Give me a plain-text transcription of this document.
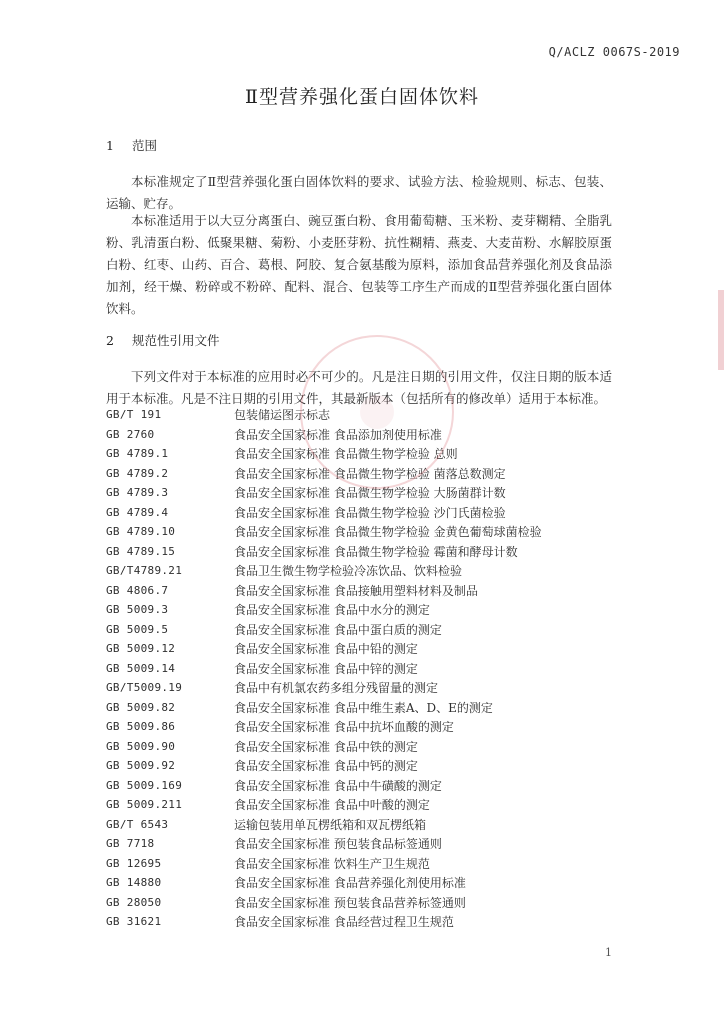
Q/ACLZ 0067S-2019
Ⅱ型营养强化蛋白固体饮料
1 范围
本标准规定了Ⅱ型营养强化蛋白固体饮料的要求、试验方法、检验规则、标志、包装、运输、贮存。
本标准适用于以大豆分离蛋白、豌豆蛋白粉、食用葡萄糖、玉米粉、麦芽糊精、全脂乳粉、乳清蛋白粉、低聚果糖、菊粉、小麦胚芽粉、抗性糊精、燕麦、大麦苗粉、水解胶原蛋白粉、红枣、山药、百合、葛根、阿胶、复合氨基酸为原料，添加食品营养强化剂及食品添加剂，经干燥、粉碎或不粉碎、配料、混合、包装等工序生产而成的Ⅱ型营养强化蛋白固体饮料。
2 规范性引用文件
下列文件对于本标准的应用时必不可少的。凡是注日期的引用文件，仅注日期的版本适用于本标准。凡是不注日期的引用文件，其最新版本（包括所有的修改单）适用于本标准。
GB/T 191	包装储运图示标志
GB 2760	食品安全国家标准 食品添加剂使用标准
GB 4789.1	食品安全国家标准 食品微生物学检验 总则
GB 4789.2	食品安全国家标准 食品微生物学检验 菌落总数测定
GB 4789.3	食品安全国家标准 食品微生物学检验 大肠菌群计数
GB 4789.4	食品安全国家标准 食品微生物学检验 沙门氏菌检验
GB 4789.10	食品安全国家标准 食品微生物学检验 金黄色葡萄球菌检验
GB 4789.15	食品安全国家标准 食品微生物学检验 霉菌和酵母计数
GB/T4789.21	食品卫生微生物学检验冷冻饮品、饮料检验
GB 4806.7	食品安全国家标准 食品接触用塑料材料及制品
GB 5009.3	食品安全国家标准 食品中水分的测定
GB 5009.5	食品安全国家标准 食品中蛋白质的测定
GB 5009.12	食品安全国家标准 食品中铅的测定
GB 5009.14	食品安全国家标准 食品中锌的测定
GB/T5009.19	食品中有机氯农药多组分残留量的测定
GB 5009.82	食品安全国家标准 食品中维生素A、D、E的测定
GB 5009.86	食品安全国家标准 食品中抗坏血酸的测定
GB 5009.90	食品安全国家标准 食品中铁的测定
GB 5009.92	食品安全国家标准 食品中钙的测定
GB 5009.169	食品安全国家标准 食品中牛磺酸的测定
GB 5009.211	食品安全国家标准 食品中叶酸的测定
GB/T 6543	运输包装用单瓦楞纸箱和双瓦楞纸箱
GB 7718	食品安全国家标准 预包装食品标签通则
GB 12695	食品安全国家标准 饮料生产卫生规范
GB 14880	食品安全国家标准 食品营养强化剂使用标准
GB 28050	食品安全国家标准 预包装食品营养标签通则
GB 31621	食品安全国家标准 食品经营过程卫生规范
1
